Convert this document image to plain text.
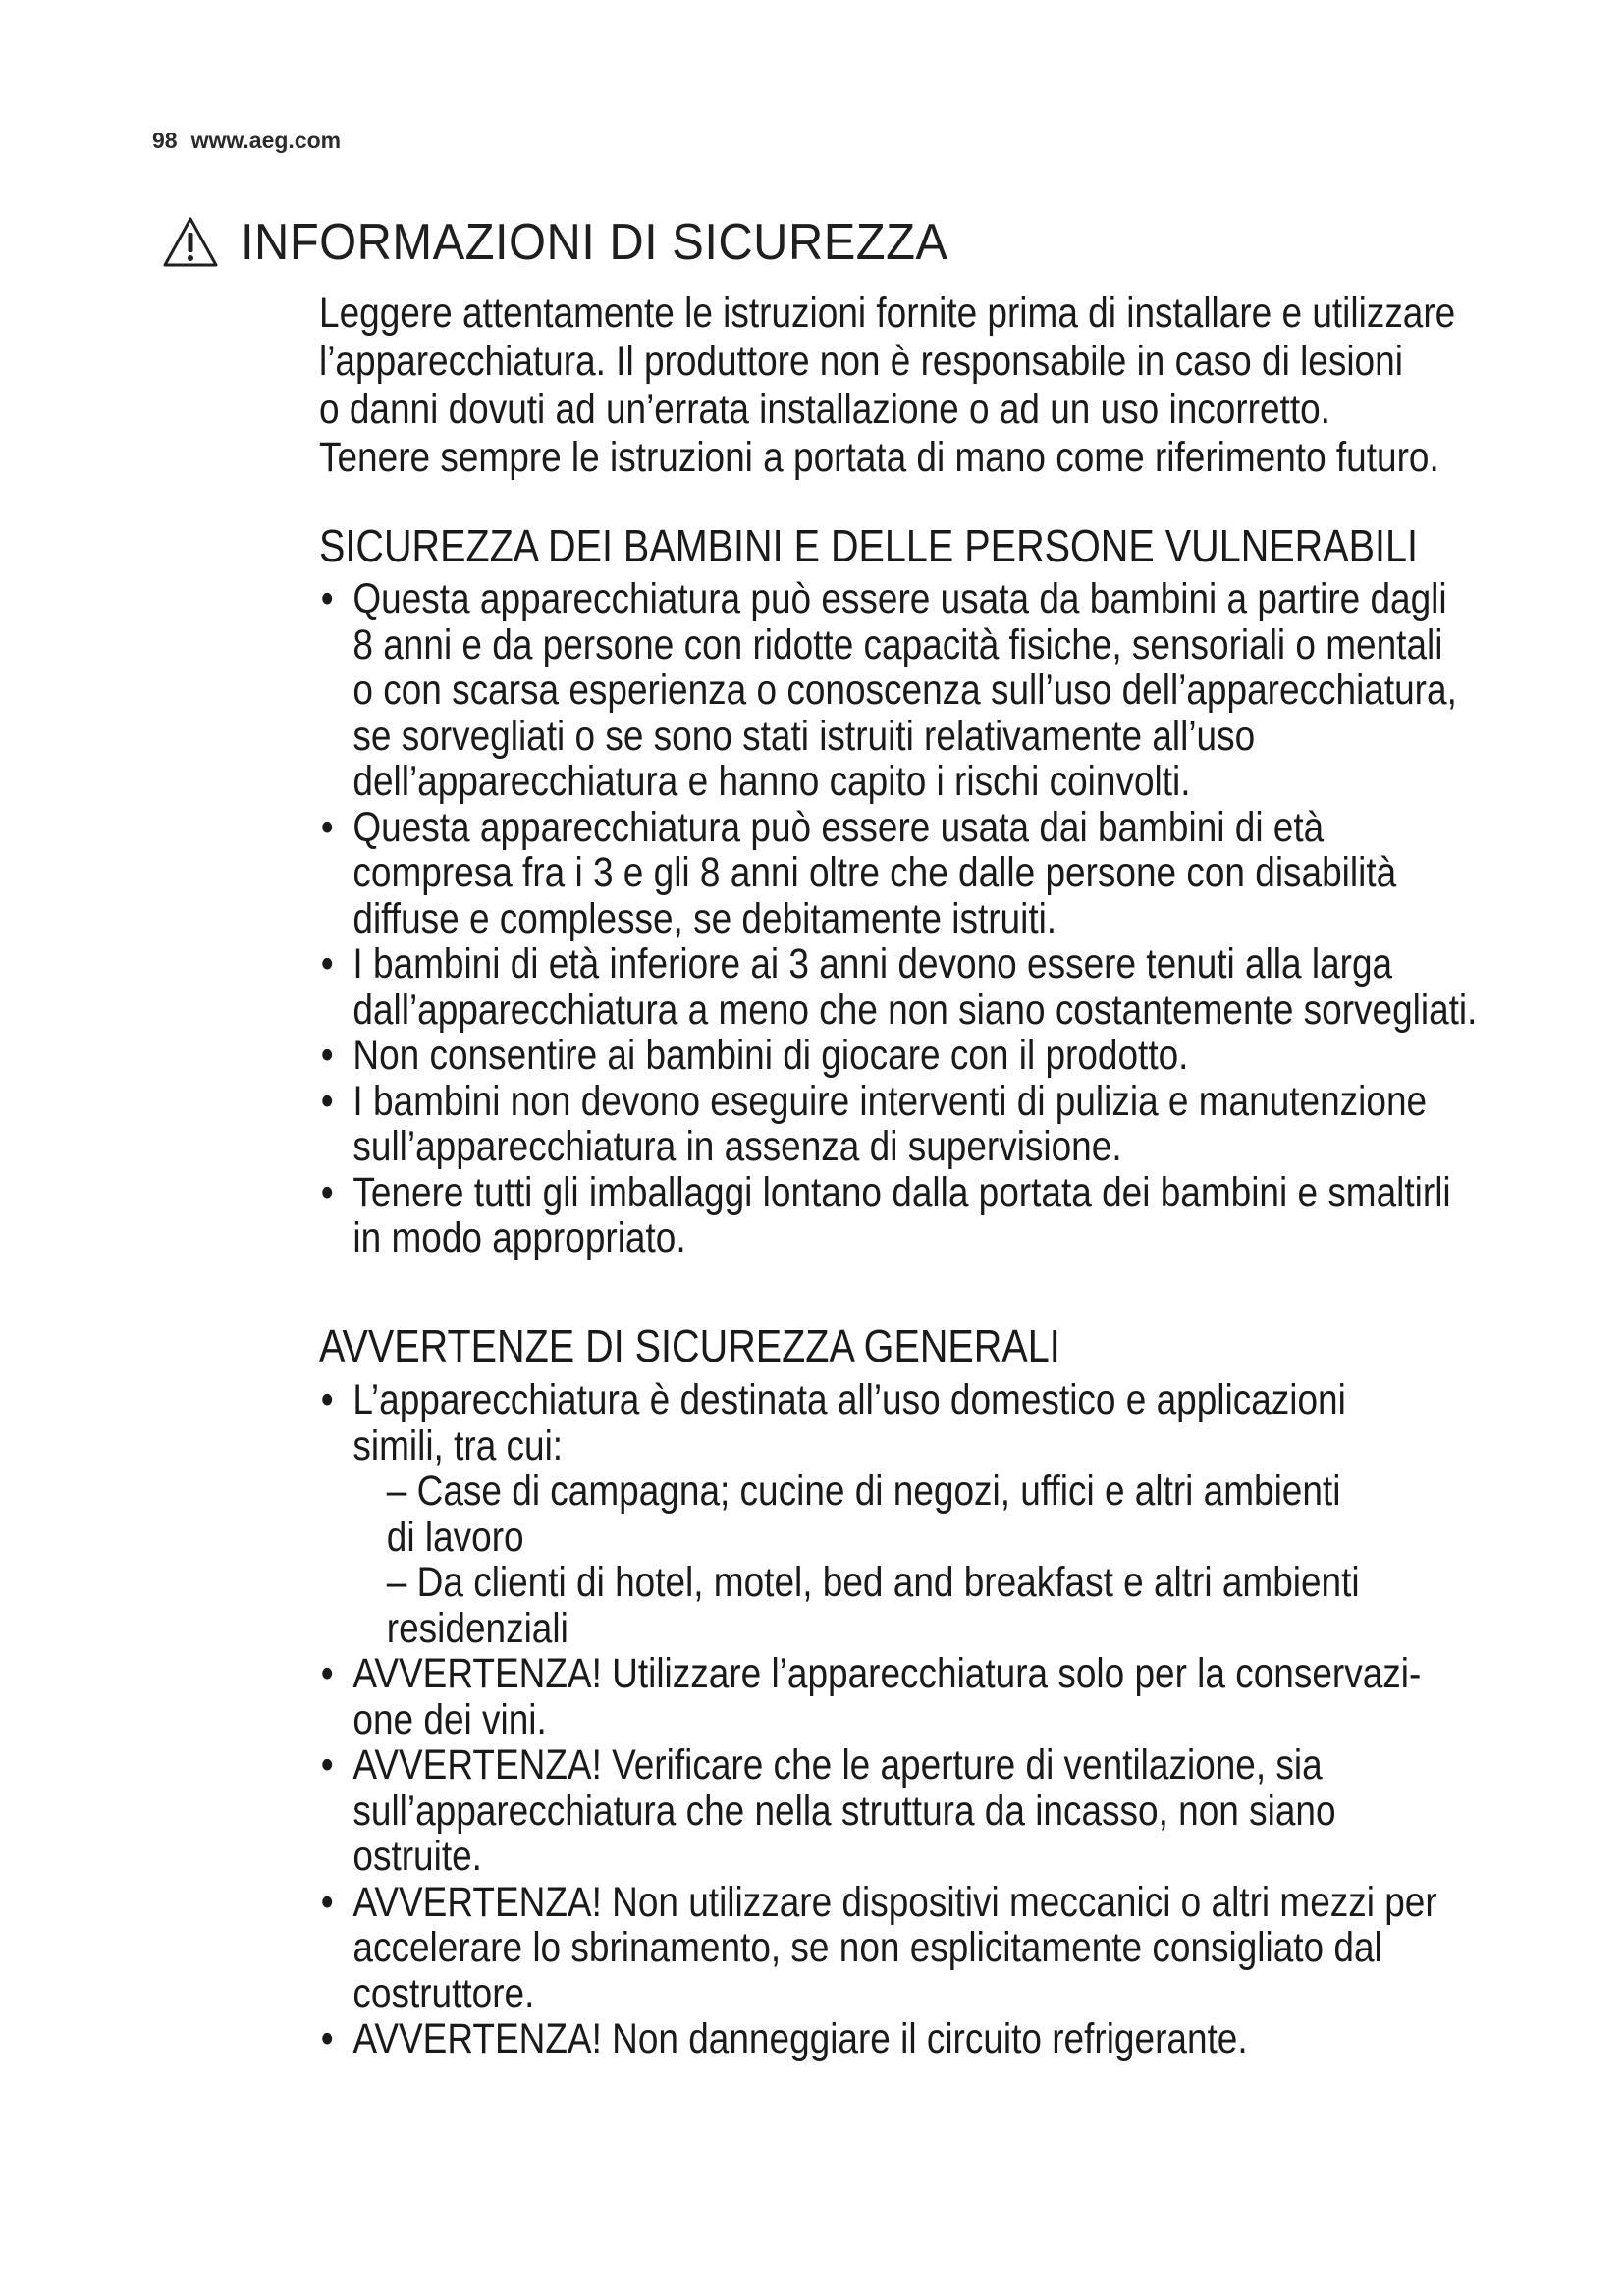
98 www.aeg.com
INFORMAZIONI DI SICUREZZA

Leggere attentamente le istruzioni fornite prima di installare e utilizzare
l’apparecchiatura. Il produttore non è responsabile in caso di lesioni
o danni dovuti ad un’errata installazione o ad un uso incorretto.
Tenere sempre le istruzioni a portata di mano come riferimento futuro.

SICUREZZA DEI BAMBINI E DELLE PERSONE VULNERABILI
• Questa apparecchiatura può essere usata da bambini a partire dagli
8 anni e da persone con ridotte capacità fisiche, sensoriali o mentali
o con scarsa esperienza o conoscenza sull’uso dell’apparecchiatura,
se sorvegliati o se sono stati istruiti relativamente all’uso
dell’apparecchiatura e hanno capito i rischi coinvolti.
• Questa apparecchiatura può essere usata dai bambini di età
compresa fra i 3 e gli 8 anni oltre che dalle persone con disabilità
diffuse e complesse, se debitamente istruiti.
• I bambini di età inferiore ai 3 anni devono essere tenuti alla larga
dall’apparecchiatura a meno che non siano costantemente sorvegliati.
• Non consentire ai bambini di giocare con il prodotto.
• I bambini non devono eseguire interventi di pulizia e manutenzione
sull’apparecchiatura in assenza di supervisione.
• Tenere tutti gli imballaggi lontano dalla portata dei bambini e smaltirli
in modo appropriato.
AVVERTENZE DI SICUREZZA GENERALI
• L’apparecchiatura è destinata all’uso domestico e applicazioni
simili, tra cui:
– Case di campagna; cucine di negozi, uffici e altri ambienti
di lavoro
– Da clienti di hotel, motel, bed and breakfast e altri ambienti
residenziali
• AVVERTENZA! Utilizzare l’apparecchiatura solo per la conservazi-
one dei vini.
• AVVERTENZA! Verificare che le aperture di ventilazione, sia
sull’apparecchiatura che nella struttura da incasso, non siano
ostruite.
• AVVERTENZA! Non utilizzare dispositivi meccanici o altri mezzi per
accelerare lo sbrinamento, se non esplicitamente consigliato dal
costruttore.
• AVVERTENZA! Non danneggiare il circuito refrigerante.
